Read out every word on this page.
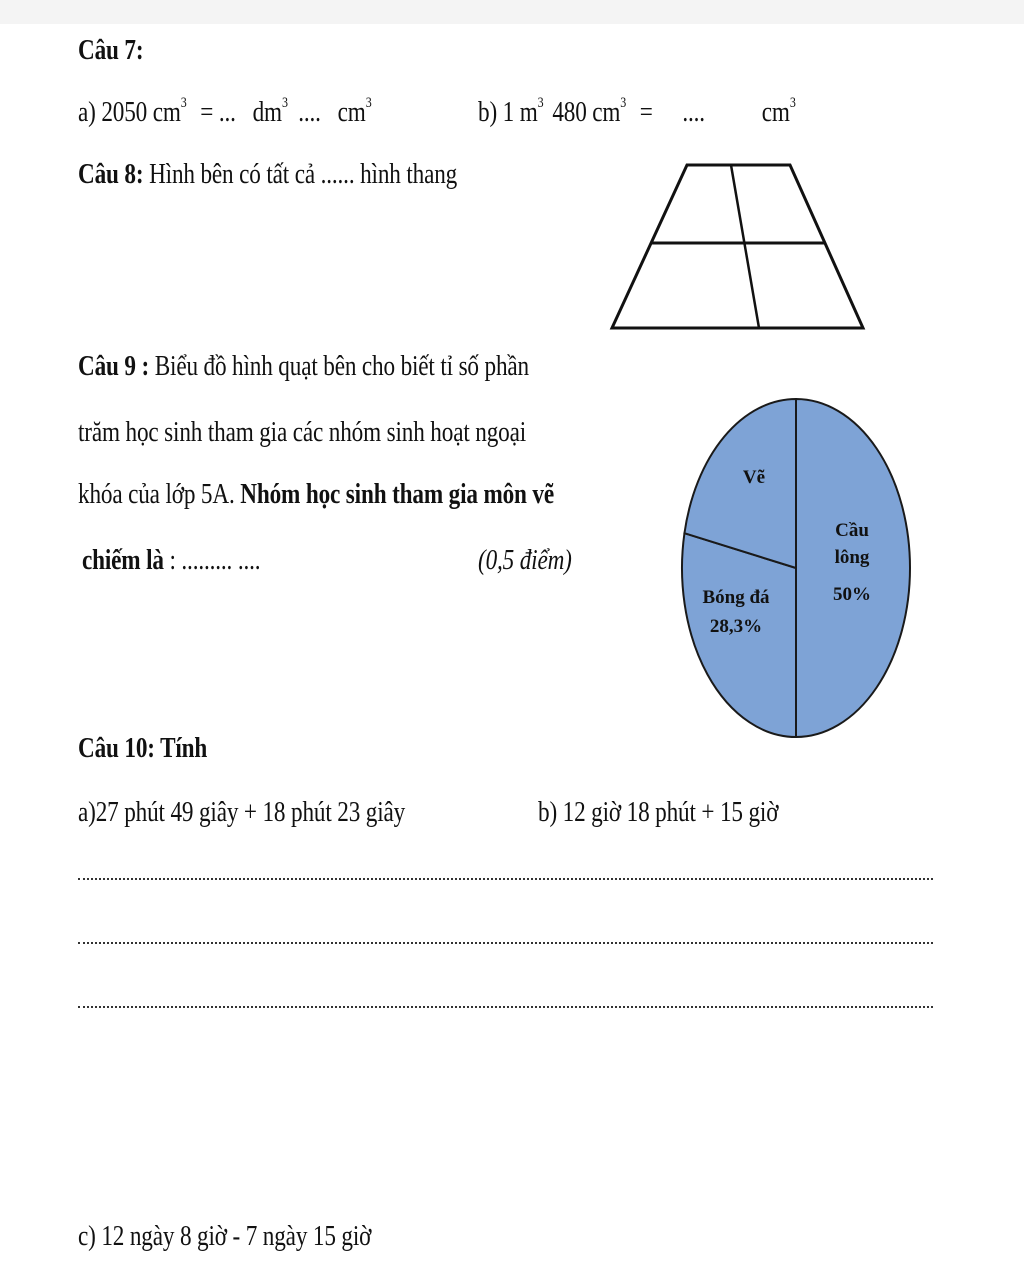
Câu 7:
a) 2050 $cm^3$ = ... $dm^3$ .... $cm^3$	b) 1 $m^3$ 480 $cm^3$ = .... $cm^3$
Câu 8: Hình bên có tất cả ...... hình thang
Câu 9 : Biểu đồ hình quạt bên cho biết tỉ số phần
trăm học sinh tham gia các nhóm sinh hoạt ngoại
khóa của lớp 5A. Nhóm học sinh tham gia môn vẽ
chiếm là : ......... ....	(0,5 điểm)
Vẽ
Cầu
lông
50%
Bóng đá
28,3%
Câu 10: Tính
a)27 phút 49 giây + 18 phút 23 giây	b) 12 giờ 18 phút + 15 giờ
c) 12 ngày 8 giờ - 7 ngày 15 giờ
